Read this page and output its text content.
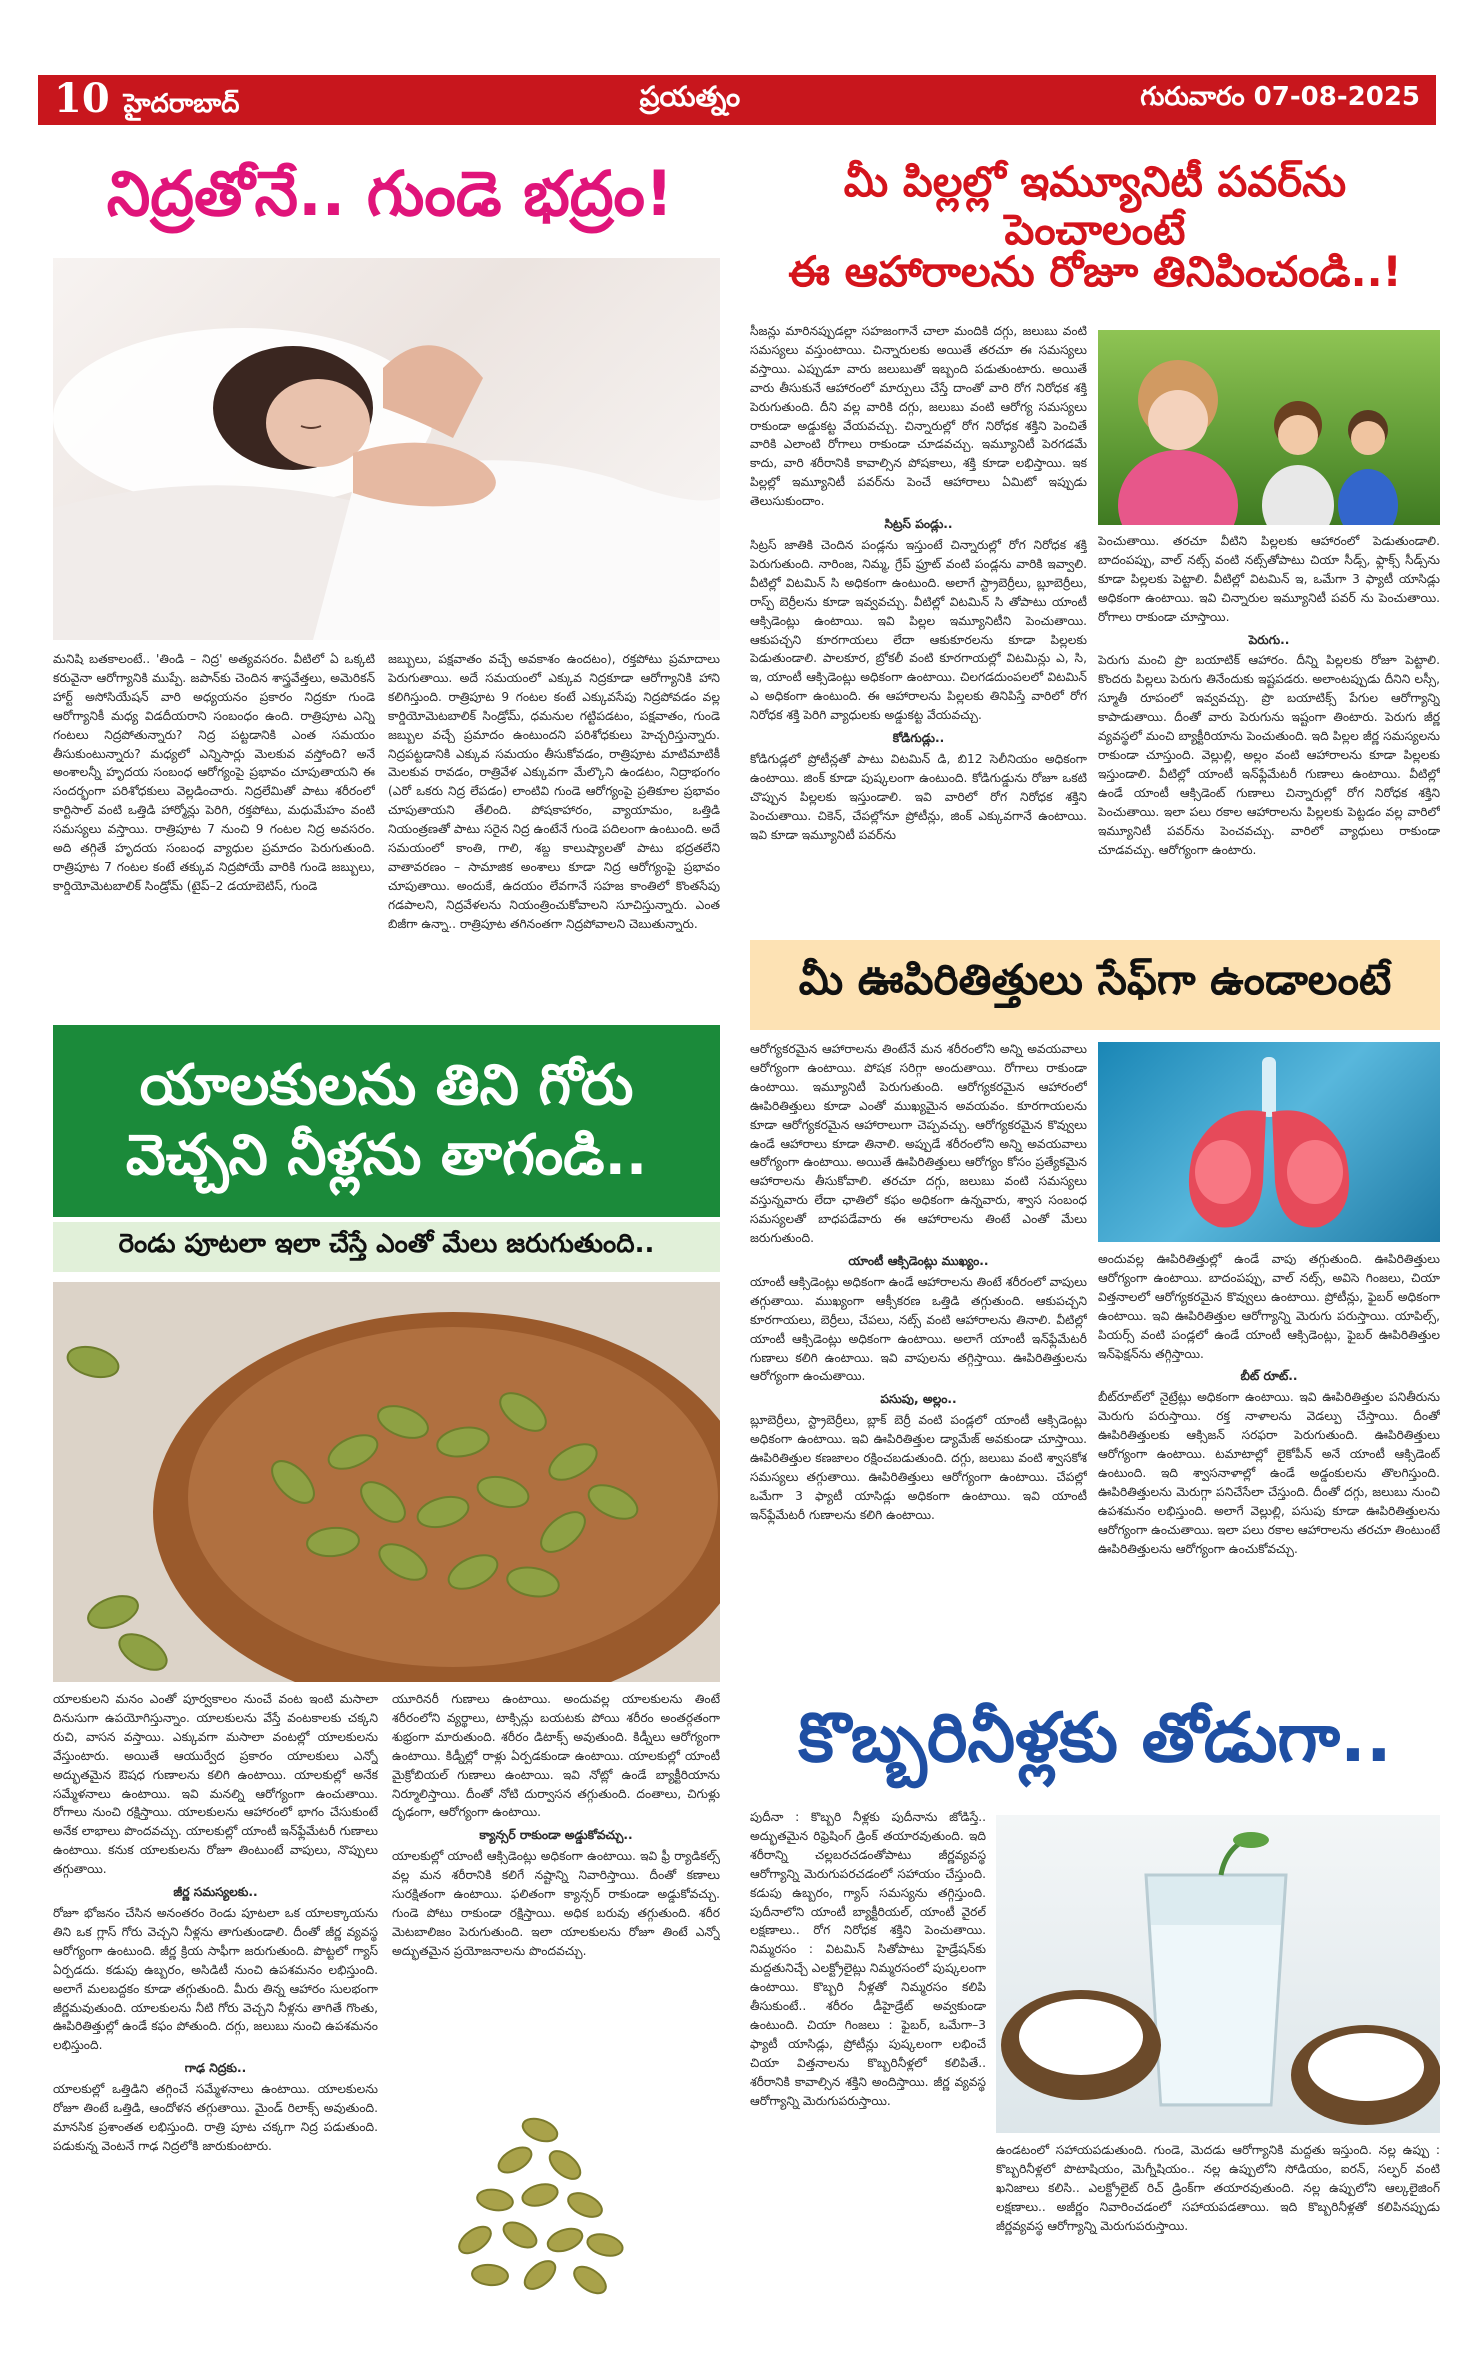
10 హైదరాబాద్	ప్రయత్నం	గురువారం 07-08-2025
నిద్రతోనే.. గుండె భద్రం!
మనిషి బతకాలంటే.. 'తిండి – నిద్ర' అత్యవసరం. వీటిలో ఏ ఒక్కటి కరువైనా ఆరోగ్యానికి ముప్పే. జపాన్‌కు చెందిన శాస్త్రవేత్తలు, అమెరికన్ హార్ట్ అసోసియేషన్ వారి అధ్యయనం ప్రకారం నిద్రకూ గుండె ఆరోగ్యానికీ మధ్య విడదీయరాని సంబంధం ఉంది. రాత్రిపూట ఎన్ని గంటలు నిద్రపోతున్నారు? నిద్ర పట్టడానికి ఎంత సమయం తీసుకుంటున్నారు? మధ్యలో ఎన్నిసార్లు మెలకువ వస్తోంది? అనే అంశాలన్నీ హృదయ సంబంధ ఆరోగ్యంపై ప్రభావం చూపుతాయని ఈ సందర్భంగా పరిశోధకులు వెల్లడించారు. నిద్రలేమితో పాటు శరీరంలో కార్టిసాల్ వంటి ఒత్తిడి హార్మోన్లు పెరిగి, రక్తపోటు, మధుమేహం వంటి సమస్యలు వస్తాయి. రాత్రిపూట 7 నుంచి 9 గంటల నిద్ర అవసరం. అది తగ్గితే హృదయ సంబంధ వ్యాధుల ప్రమాదం పెరుగుతుంది. రాత్రిపూట 7 గంటల కంటే తక్కువ నిద్రపోయే వారికి గుండె జబ్బులు, కార్డియోమెటబాలిక్ సిండ్రోమ్ (టైప్–2 డయాబెటిస్, గుండె
జబ్బులు, పక్షవాతం వచ్చే అవకాశం ఉందటం), రక్తపోటు ప్రమాదాలు పెరుగుతాయి. అదే సమయంలో ఎక్కువ నిద్రకూడా ఆరోగ్యానికి హాని కలిగిస్తుంది. రాత్రిపూట 9 గంటల కంటే ఎక్కువసేపు నిద్రపోవడం వల్ల కార్డియోమెటబాలిక్ సిండ్రోమ్, ధమనుల గట్టిపడటం, పక్షవాతం, గుండె జబ్బుల వచ్చే ప్రమాదం ఉంటుందని పరిశోధకులు హెచ్చరిస్తున్నారు. నిద్రపట్టడానికి ఎక్కువ సమయం తీసుకోవడం, రాత్రిపూట మాటిమాటికీ మెలకువ రావడం, రాత్రివేళ ఎక్కువగా మేల్కొని ఉండటం, నిద్రాభంగం (ఎరో ఒకరు నిద్ర లేపడం) లాంటివి గుండె ఆరోగ్యంపై ప్రతికూల ప్రభావం చూపుతాయని తేలింది. పోషకాహారం, వ్యాయామం, ఒత్తిడి నియంత్రణతో పాటు సరైన నిద్ర ఉంటేనే గుండె పదిలంగా ఉంటుంది. అదే సమయంలో కాంతి, గాలి, శబ్ద కాలుష్యాలతో పాటు భద్రతలేని వాతావరణం – సామాజిక అంశాలు కూడా నిద్ర ఆరోగ్యంపై ప్రభావం చూపుతాయి. అందుకే, ఉదయం లేవగానే సహజ కాంతిలో కొంతసేపు గడపాలని, నిద్రవేళలను నియంత్రించుకోవాలని సూచిస్తున్నారు. ఎంత బిజీగా ఉన్నా.. రాత్రిపూట తగినంతగా నిద్రపోవాలని చెబుతున్నారు.
యాలకులను తిని గోరు
వెచ్చని నీళ్లను తాగండి..
రెండు పూటలా ఇలా చేస్తే ఎంతో మేలు జరుగుతుంది..
యాలకులని మనం ఎంతో పూర్వకాలం నుంచే వంట ఇంటి మసాలా దినుసుగా ఉపయోగిస్తున్నాం. యాలకులను వేస్తే వంటకాలకు చక్కని రుచి, వాసన వస్తాయి. ఎక్కువగా మసాలా వంటల్లో యాలకులను వేస్తుంటారు. అయితే ఆయుర్వేద ప్రకారం యాలకులు ఎన్నో అద్భుతమైన ఔషధ గుణాలను కలిగి ఉంటాయి. యాలకుల్లో అనేక సమ్మేళనాలు ఉంటాయి. ఇవి మనల్ని ఆరోగ్యంగా ఉంచుతాయి. రోగాలు నుంచి రక్షిస్తాయి. యాలకులను ఆహారంలో భాగం చేసుకుంటే అనేక లాభాలు పొందవచ్చు. యాలకుల్లో యాంటీ ఇన్‌ఫ్లేమేటరీ గుణాలు ఉంటాయి. కనుక యాలకులను రోజూ తింటుంటే వాపులు, నొప్పులు తగ్గుతాయి.
జీర్ణ సమస్యలకు..
రోజూ భోజనం చేసిన అనంతరం రెండు పూటలా ఒక యాలక్కాయను తిని ఒక గ్లాస్ గోరు వెచ్చని నీళ్లను తాగుతుండాలి. దీంతో జీర్ణ వ్యవస్థ ఆరోగ్యంగా ఉంటుంది. జీర్ణ క్రియ సాఫీగా జరుగుతుంది. పొట్టలో గ్యాస్ ఏర్పడదు. కడుపు ఉబ్బరం, అసిడిటీ నుంచి ఉపశమనం లభిస్తుంది. అలాగే మలబద్దకం కూడా తగ్గుతుంది. మీరు తిన్న ఆహారం సులభంగా జీర్ణమవుతుంది. యాలకులను నీటి గోరు వెచ్చని నీళ్లను తాగితే గొంతు, ఊపిరితిత్తుల్లో ఉండే కఫం పోతుంది. దగ్గు, జలుబు నుంచి ఉపశమనం లభిస్తుంది.
గాఢ నిద్రకు..
యాలకుల్లో ఒత్తిడిని తగ్గించే సమ్మేళనాలు ఉంటాయి. యాలకులను రోజూ తింటే ఒత్తిడి, ఆందోళన తగ్గుతాయి. మైండ్ రిలాక్స్ అవుతుంది. మానసిక ప్రశాంతత లభిస్తుంది. రాత్రి పూట చక్కగా నిద్ర పడుతుంది. పడుకున్న వెంటనే గాఢ నిద్రలోకి జారుకుంటారు.
యూరినరీ గుణాలు ఉంటాయి. అందువల్ల యాలకులను తింటే శరీరంలోని వ్యర్థాలు, టాక్సిన్లు బయటకు పోయి శరీరం అంతర్గతంగా శుభ్రంగా మారుతుంది. శరీరం డిటాక్స్ అవుతుంది. కిడ్నీలు ఆరోగ్యంగా ఉంటాయి. కిడ్నీల్లో రాళ్లు ఏర్పడకుండా ఉంటాయి. యాలకుల్లో యాంటీ మైక్రోబియల్ గుణాలు ఉంటాయి. ఇవి నోట్లో ఉండే బ్యాక్టీరియాను నిర్మూలిస్తాయి. దీంతో నోటి దుర్వాసన తగ్గుతుంది. దంతాలు, చిగుళ్లు దృఢంగా, ఆరోగ్యంగా ఉంటాయి.
క్యాన్సర్ రాకుండా అడ్డుకోవచ్చు..
యాలకుల్లో యాంటీ ఆక్సిడెంట్లు అధికంగా ఉంటాయి. ఇవి ఫ్రీ ర్యాడికల్స్ వల్ల మన శరీరానికి కలిగే నష్టాన్ని నివారిస్తాయి. దీంతో కణాలు సురక్షితంగా ఉంటాయి. ఫలితంగా క్యాన్సర్ రాకుండా అడ్డుకోవచ్చు. గుండె పోటు రాకుండా రక్షిస్తాయి. అధిక బరువు తగ్గుతుంది. శరీర మెటబాలిజం పెరుగుతుంది. ఇలా యాలకులను రోజూ తింటే ఎన్నో అద్భుతమైన ప్రయోజనాలను పొందవచ్చు.
మీ పిల్లల్లో ఇమ్యూనిటీ పవర్‌ను పెంచాలంటే
ఈ ఆహారాలను రోజూ తినిపించండి..!
సీజన్లు మారినప్పుడల్లా సహజంగానే చాలా మందికి దగ్గు, జలుబు వంటి సమస్యలు వస్తుంటాయి. చిన్నారులకు అయితే తరచూ ఈ సమస్యలు వస్తాయి. ఎప్పుడూ వారు జలుబుతో ఇబ్బంది పడుతుంటారు. అయితే వారు తీసుకునే ఆహారంలో మార్పులు చేస్తే దాంతో వారి రోగ నిరోధక శక్తి పెరుగుతుంది. దీని వల్ల వారికి దగ్గు, జలుబు వంటి ఆరోగ్య సమస్యలు రాకుండా అడ్డుకట్ట వేయవచ్చు. చిన్నారుల్లో రోగ నిరోధక శక్తిని పెంచితే వారికి ఎలాంటి రోగాలు రాకుండా చూడవచ్చు. ఇమ్యూనిటీ పెరగడమే కాదు, వారి శరీరానికి కావాల్సిన పోషకాలు, శక్తి కూడా లభిస్తాయి. ఇక పిల్లల్లో ఇమ్యూనిటీ పవర్‌ను పెంచే ఆహారాలు ఏమిటో ఇప్పుడు తెలుసుకుందాం.
సిట్రస్ పండ్లు..
సిట్రస్ జాతికి చెందిన పండ్లను ఇస్తుంటే చిన్నారుల్లో రోగ నిరోధక శక్తి పెరుగుతుంది. నారింజ, నిమ్మ, గ్రేప్ ఫ్రూట్ వంటి పండ్లను వారికి ఇవ్వాలి. వీటిల్లో విటమిన్ సి అధికంగా ఉంటుంది. అలాగే స్ట్రాబెర్రీలు, బ్లూబెర్రీలు, రాస్ప్ బెర్రీలను కూడా ఇవ్వవచ్చు. వీటిల్లో విటమిన్ సి తోపాటు యాంటీ ఆక్సిడెంట్లు ఉంటాయి. ఇవి పిల్లల ఇమ్యూనిటీని పెంచుతాయి. ఆకుపచ్చని కూరగాయలు లేదా ఆకుకూరలను కూడా పిల్లలకు పెడుతుండాలి. పాలకూర, బ్రోకలీ వంటి కూరగాయల్లో విటమిన్లు ఎ, సి, ఇ, యాంటీ ఆక్సిడెంట్లు అధికంగా ఉంటాయి. చిలగడదుంపలలో విటమిన్ ఎ అధికంగా ఉంటుంది. ఈ ఆహారాలను పిల్లలకు తినిపిస్తే వారిలో రోగ నిరోధక శక్తి పెరిగి వ్యాధులకు అడ్డుకట్ట వేయవచ్చు.
కోడిగుడ్లు..
కోడిగుడ్లలో ప్రోటీన్లతో పాటు విటమిన్ డి, బి12 సెలీనియం అధికంగా ఉంటాయి. జింక్ కూడా పుష్కలంగా ఉంటుంది. కోడిగుడ్డును రోజూ ఒకటి చొప్పున పిల్లలకు ఇస్తుండాలి. ఇవి వారిలో రోగ నిరోధక శక్తిని పెంచుతాయి. చికెన్, చేపల్లోనూ ప్రోటీన్లు, జింక్ ఎక్కువగానే ఉంటాయి. ఇవి కూడా ఇమ్యూనిటీ పవర్‌ను
పెంచుతాయి. తరచూ వీటిని పిల్లలకు ఆహారంలో పెడుతుండాలి. బాదంపప్పు, వాల్ నట్స్ వంటి నట్స్‌తోపాటు చియా సీడ్స్, ఫ్లాక్స్ సీడ్స్‌ను కూడా పిల్లలకు పెట్టాలి. వీటిల్లో విటమిన్ ఇ, ఒమేగా 3 ఫ్యాటీ యాసిడ్లు అధికంగా ఉంటాయి. ఇవి చిన్నారుల ఇమ్యూనిటీ పవర్ ను పెంచుతాయి. రోగాలు రాకుండా చూస్తాయి.
పెరుగు..
పెరుగు మంచి ప్రొ బయాటిక్ ఆహారం. దీన్ని పిల్లలకు రోజూ పెట్టాలి. కొందరు పిల్లలు పెరుగు తినేందుకు ఇష్టపడరు. అలాంటప్పుడు దీనిని లస్సీ, స్మూతీ రూపంలో ఇవ్వవచ్చు. ప్రొ బయాటిక్స్ పేగుల ఆరోగ్యాన్ని కాపాడుతాయి. దీంతో వారు పెరుగును ఇష్టంగా తింటారు. పెరుగు జీర్ణ వ్యవస్థలో మంచి బ్యాక్టీరియాను పెంచుతుంది. ఇది పిల్లల జీర్ణ సమస్యలను రాకుండా చూస్తుంది. వెల్లుల్లి, అల్లం వంటి ఆహారాలను కూడా పిల్లలకు ఇస్తుండాలి. వీటిల్లో యాంటీ ఇన్‌ఫ్లేమేటరీ గుణాలు ఉంటాయి. వీటిల్లో ఉండే యాంటీ ఆక్సిడెంట్ గుణాలు చిన్నారుల్లో రోగ నిరోధక శక్తిని పెంచుతాయి. ఇలా పలు రకాల ఆహారాలను పిల్లలకు పెట్టడం వల్ల వారిలో ఇమ్యూనిటీ పవర్‌ను పెంచవచ్చు. వారిలో వ్యాధులు రాకుండా చూడవచ్చు. ఆరోగ్యంగా ఉంటారు.
మీ ఊపిరితిత్తులు సేఫ్‌గా ఉండాలంటే
ఆరోగ్యకరమైన ఆహారాలను తింటేనే మన శరీరంలోని అన్ని అవయవాలు ఆరోగ్యంగా ఉంటాయి. పోషక సరిగ్గా అందుతాయి. రోగాలు రాకుండా ఉంటాయి. ఇమ్యూనిటీ పెరుగుతుంది. ఆరోగ్యకరమైన ఆహారంలో ఊపిరితిత్తులు కూడా ఎంతో ముఖ్యమైన అవయవం. కూరగాయలను కూడా ఆరోగ్యకరమైన ఆహారాలుగా చెప్పవచ్చు. ఆరోగ్యకరమైన కొవ్వులు ఉండే ఆహారాలు కూడా తినాలి. అప్పుడే శరీరంలోని అన్ని అవయవాలు ఆరోగ్యంగా ఉంటాయి. అయితే ఊపిరితిత్తులు ఆరోగ్యం కోసం ప్రత్యేకమైన ఆహారాలను తీసుకోవాలి. తరచూ దగ్గు, జలుబు వంటి సమస్యలు వస్తున్నవారు లేదా ఛాతిలో కఫం అధికంగా ఉన్నవారు, శ్వాస సంబంధ సమస్యలతో బాధపడేవారు ఈ ఆహారాలను తింటే ఎంతో మేలు జరుగుతుంది.
యాంటీ ఆక్సిడెంట్లు ముఖ్యం..
యాంటీ ఆక్సిడెంట్లు అధికంగా ఉండే ఆహారాలను తింటే శరీరంలో వాపులు తగ్గుతాయి. ముఖ్యంగా ఆక్సీకరణ ఒత్తిడి తగ్గుతుంది. ఆకుపచ్చని కూరగాయలు, బెర్రీలు, చేపలు, నట్స్ వంటి ఆహారాలను తినాలి. వీటిల్లో యాంటీ ఆక్సిడెంట్లు అధికంగా ఉంటాయి. అలాగే యాంటీ ఇన్‌ఫ్లేమేటరీ గుణాలు కలిగి ఉంటాయి. ఇవి వాపులను తగ్గిస్తాయి. ఊపిరితిత్తులను ఆరోగ్యంగా ఉంచుతాయి.
పసుపు, అల్లం..
బ్లూబెర్రీలు, స్ట్రాబెర్రీలు, బ్లాక్ బెర్రీ వంటి పండ్లలో యాంటీ ఆక్సిడెంట్లు అధికంగా ఉంటాయి. ఇవి ఊపిరితిత్తుల డ్యామేజ్ అవకుండా చూస్తాయి. ఊపిరితిత్తుల కణజాలం రక్షించబడుతుంది. దగ్గు, జలుబు వంటి శ్వాసకోశ సమస్యలు తగ్గుతాయి. ఊపిరితిత్తులు ఆరోగ్యంగా ఉంటాయి. చేపల్లో ఒమేగా 3 ఫ్యాటీ యాసిడ్లు అధికంగా ఉంటాయి. ఇవి యాంటీ ఇన్‌ఫ్లేమేటరీ గుణాలను కలిగి ఉంటాయి.
అందువల్ల ఊపిరితిత్తుల్లో ఉండే వాపు తగ్గుతుంది. ఊపిరితిత్తులు ఆరోగ్యంగా ఉంటాయి. బాదంపప్పు, వాల్ నట్స్, అవిసె గింజలు, చియా విత్తనాలలో ఆరోగ్యకరమైన కొవ్వులు ఉంటాయి. ప్రోటీన్లు, ఫైబర్ అధికంగా ఉంటాయి. ఇవి ఊపిరితిత్తుల ఆరోగ్యాన్ని మెరుగు పరుస్తాయి. యాపిల్స్, పియర్స్ వంటి పండ్లలో ఉండే యాంటీ ఆక్సిడెంట్లు, ఫైబర్ ఊపిరితిత్తుల ఇన్‌ఫెక్షన్‌ను తగ్గిస్తాయి.
బీట్ రూట్..
బీట్‌రూట్‌లో నైట్రేట్లు అధికంగా ఉంటాయి. ఇవి ఊపిరితిత్తుల పనితీరును మెరుగు పరుస్తాయి. రక్త నాళాలను వెడల్పు చేస్తాయి. దీంతో ఊపిరితిత్తులకు ఆక్సిజన్ సరఫరా పెరుగుతుంది. ఊపిరితిత్తులు ఆరోగ్యంగా ఉంటాయి. టమాటాల్లో లైకోపీన్ అనే యాంటీ ఆక్సిడెంట్ ఉంటుంది. ఇది శ్వాసనాళాల్లో ఉండే అడ్డంకులను తొలగిస్తుంది. ఊపిరితిత్తులను మెరుగ్గా పనిచేసేలా చేస్తుంది. దీంతో దగ్గు, జలుబు నుంచి ఉపశమనం లభిస్తుంది. అలాగే వెల్లుల్లి, పసుపు కూడా ఊపిరితిత్తులను ఆరోగ్యంగా ఉంచుతాయి. ఇలా పలు రకాల ఆహారాలను తరచూ తింటుంటే ఊపిరితిత్తులను ఆరోగ్యంగా ఉంచుకోవచ్చు.
కొబ్బరినీళ్లకు తోడుగా..
పుదీనా : కొబ్బరి నీళ్లకు పుదీనాను జోడిస్తే.. అద్భుతమైన రిఫ్రెషింగ్ డ్రింక్ తయారవుతుంది. ఇది శరీరాన్ని చల్లబరచడంతోపాటు జీర్ణవ్యవస్థ ఆరోగ్యాన్ని మెరుగుపరచడంలో సహాయం చేస్తుంది. కడుపు ఉబ్బరం, గ్యాస్ సమస్యను తగ్గిస్తుంది. పుదీనాలోని యాంటీ బ్యాక్టీరియల్, యాంటీ వైరల్ లక్షణాలు.. రోగ నిరోధక శక్తిని పెంచుతాయి. నిమ్మరసం : విటమిన్ సితోపాటు హైడ్రేషన్‌కు మద్దతునిచ్చే ఎలక్ట్రోలైట్లు నిమ్మరసంలో పుష్కలంగా ఉంటాయి. కొబ్బరి నీళ్లతో నిమ్మరసం కలిపి తీసుకుంటే.. శరీరం డీహైడ్రేట్ అవ్వకుండా ఉంటుంది. చియా గింజలు : ఫైబర్, ఒమేగా–3 ఫ్యాటీ యాసిడ్లు, ప్రోటీన్లు పుష్కలంగా లభించే చియా విత్తనాలను కొబ్బరినీళ్లలో కలిపితే.. శరీరానికి కావాల్సిన శక్తిని అందిస్తాయి. జీర్ణ వ్యవస్థ ఆరోగ్యాన్ని మెరుగుపరుస్తాయి.
ఉండటంలో సహాయపడుతుంది. గుండె, మెదడు ఆరోగ్యానికి మద్దతు ఇస్తుంది. నల్ల ఉప్పు : కొబ్బరినీళ్లలో పొటాషియం, మెగ్నీషియం.. నల్ల ఉప్పులోని సోడియం, ఐరన్, సల్ఫర్ వంటి ఖనిజాలు కలిసి.. ఎలక్ట్రోలైట్ రిచ్ డ్రింక్‌గా తయారవుతుంది. నల్ల ఉప్పులోని ఆల్కలైజింగ్ లక్షణాలు.. అజీర్ణం నివారించడంలో సహాయపడతాయి. ఇది కొబ్బరినీళ్లతో కలిపినప్పుడు జీర్ణవ్యవస్థ ఆరోగ్యాన్ని మెరుగుపరుస్తాయి.
